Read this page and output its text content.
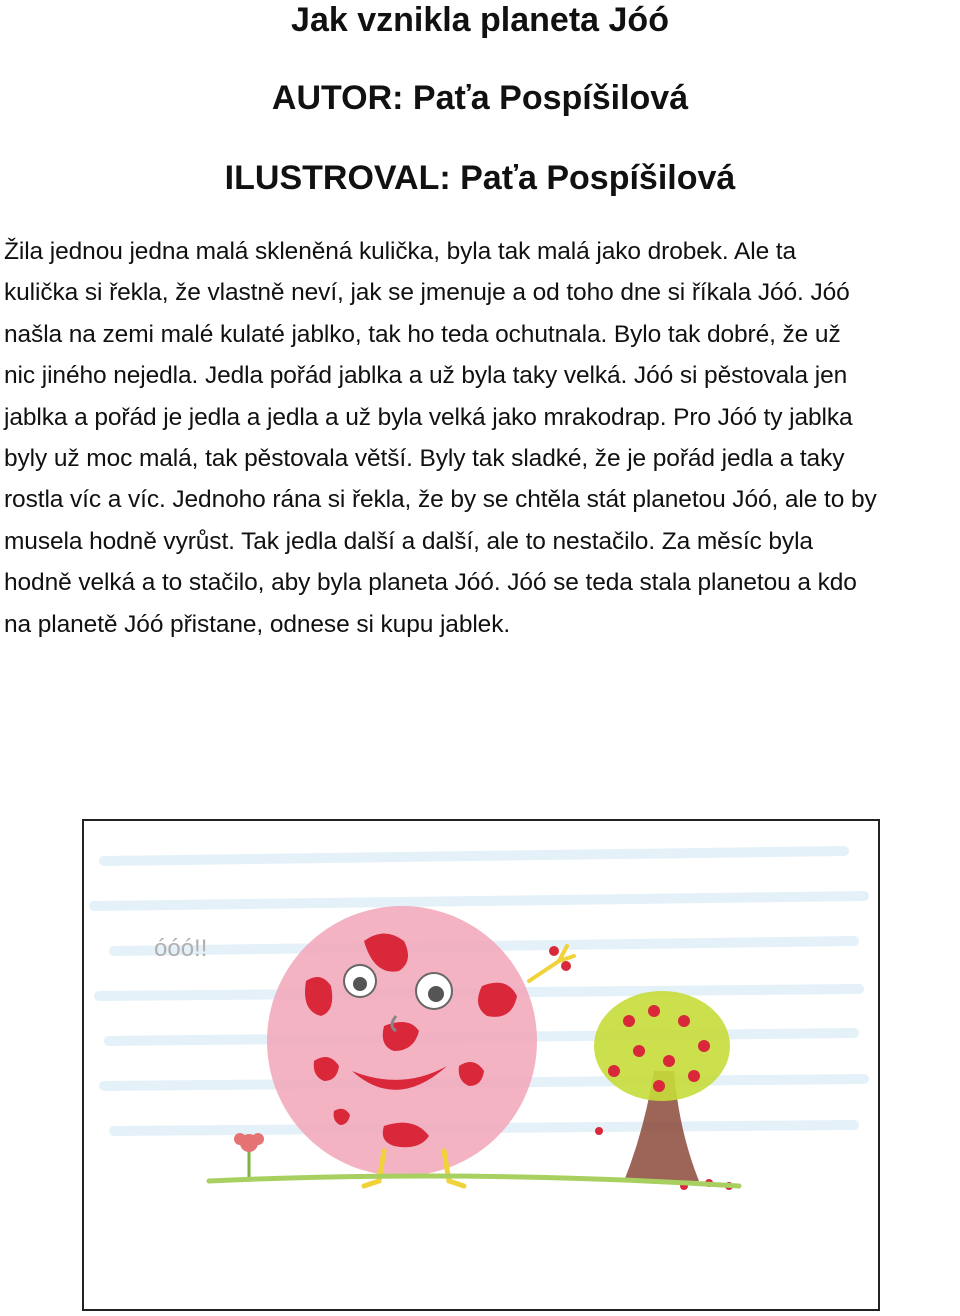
Jak vznikla planeta Jóó
AUTOR: Paťa Pospíšilová
ILUSTROVAL: Paťa Pospíšilová
Žila jednou jedna malá skleněná kulička, byla tak malá jako drobek. Ale ta
kulička si řekla, že vlastně neví, jak se jmenuje a od toho dne si říkala Jóó. Jóó
našla na zemi malé kulaté jablko, tak ho teda ochutnala. Bylo tak dobré, že už
nic jiného nejedla. Jedla pořád jablka a už byla taky velká. Jóó si pěstovala jen
jablka a pořád je jedla a jedla a už byla velká jako mrakodrap. Pro Jóó ty jablka
byly už moc malá, tak pěstovala větší. Byly tak sladké, že je pořád jedla a taky
rostla víc a víc. Jednoho rána si řekla, že by se chtěla stát planetou Jóó, ale to by
musela hodně vyrůst. Tak jedla další a další, ale to nestačilo. Za měsíc byla
hodně velká a to stačilo, aby byla planeta Jóó. Jóó se teda stala planetou a kdo
na planetě Jóó přistane, odnese si kupu jablek.
óóó!!
